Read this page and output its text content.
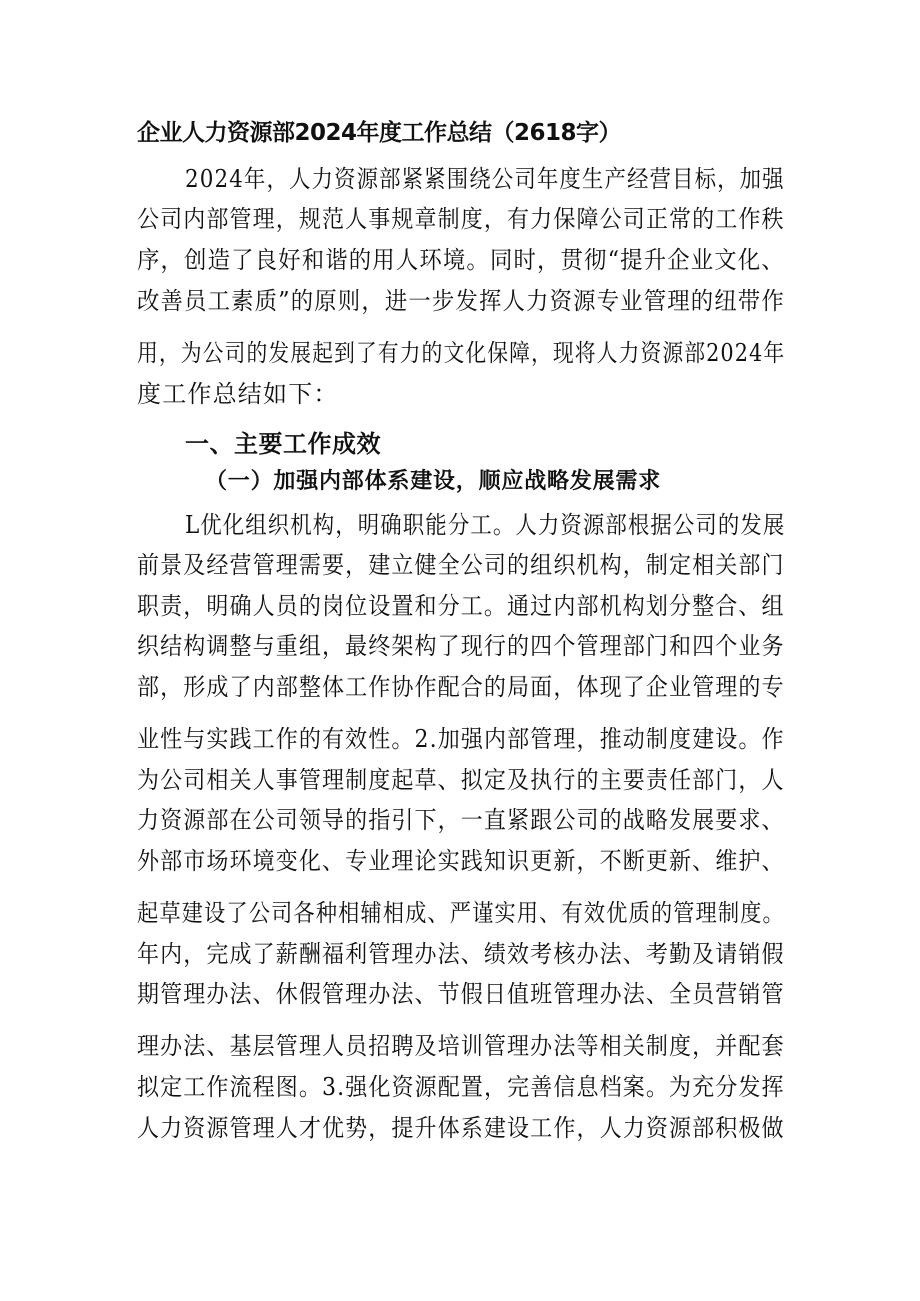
企业人力资源部2024年度工作总结（2618字）

2024年，人力资源部紧紧围绕公司年度生产经营目标，加强

公司内部管理，规范人事规章制度，有力保障公司正常的工作秩

序，创造了良好和谐的用人环境。同时，贯彻“提升企业文化、

改善员工素质”的原则，进一步发挥人力资源专业管理的纽带作

用，为公司的发展起到了有力的文化保障，现将人力资源部2024年

度工作总结如下：

一、主要工作成效
（一）加强内部体系建设，顺应战略发展需求

L优化组织机构，明确职能分工。人力资源部根据公司的发展

前景及经营管理需要，建立健全公司的组织机构，制定相关部门

职责，明确人员的岗位设置和分工。通过内部机构划分整合、组

织结构调整与重组，最终架构了现行的四个管理部门和四个业务

部，形成了内部整体工作协作配合的局面，体现了企业管理的专

业性与实践工作的有效性。2.加强内部管理，推动制度建设。作

为公司相关人事管理制度起草、拟定及执行的主要责任部门，人

力资源部在公司领导的指引下，一直紧跟公司的战略发展要求、

外部市场环境变化、专业理论实践知识更新，不断更新、维护、

起草建设了公司各种相辅相成、严谨实用、有效优质的管理制度。

年内，完成了薪酬福利管理办法、绩效考核办法、考勤及请销假

期管理办法、休假管理办法、节假日值班管理办法、全员营销管

理办法、基层管理人员招聘及培训管理办法等相关制度，并配套

拟定工作流程图。3.强化资源配置，完善信息档案。为充分发挥

人力资源管理人才优势，提升体系建设工作，人力资源部积极做
